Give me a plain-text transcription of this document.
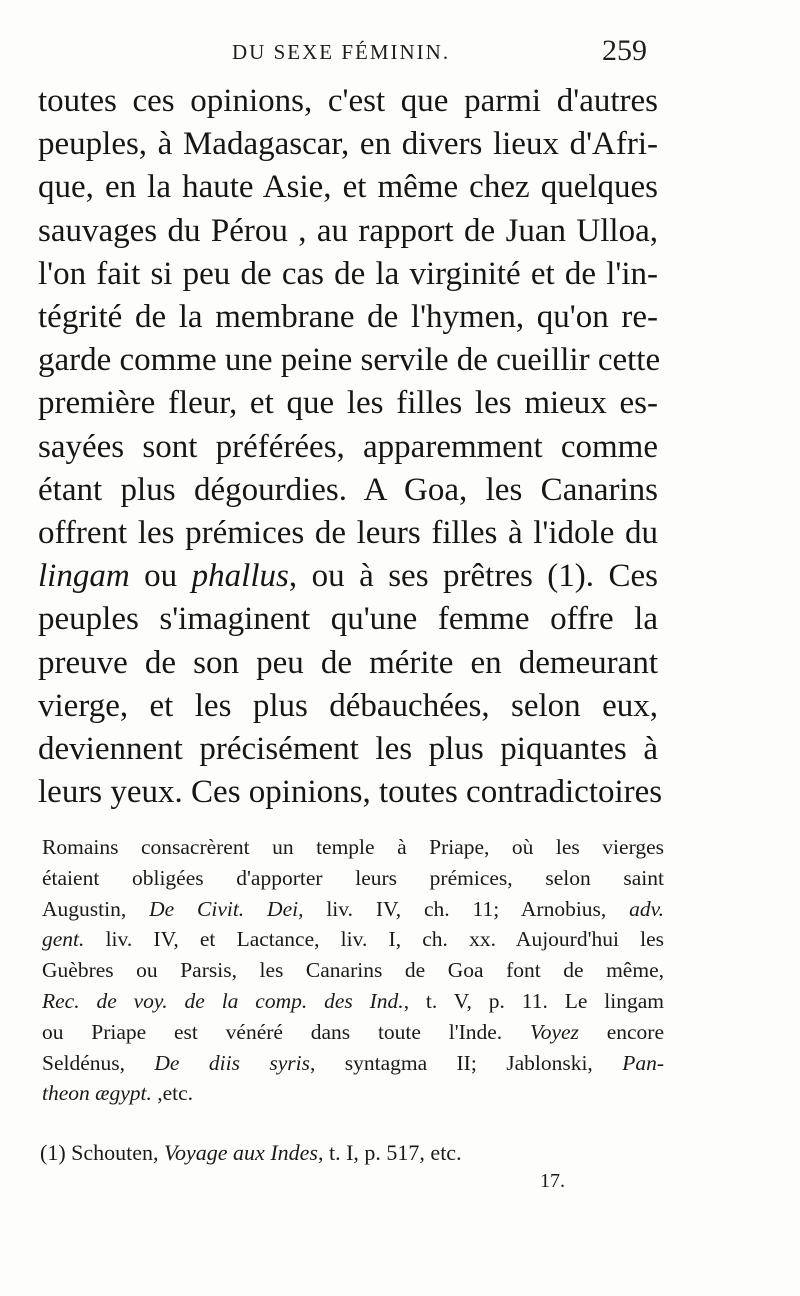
DU SEXE FÉMININ.	259
toutes ces opinions, c'est que parmi d'autres
peuples, à Madagascar, en divers lieux d'Afri-
que, en la haute Asie, et même chez quelques
sauvages du Pérou , au rapport de Juan Ulloa,
l'on fait si peu de cas de la virginité et de l'in-
tégrité de la membrane de l'hymen, qu'on re-
garde comme une peine servile de cueillir cette
première fleur, et que les filles les mieux es-
sayées sont préférées, apparemment comme
étant plus dégourdies. A Goa, les Canarins
offrent les prémices de leurs filles à l'idole du
lingam ou phallus, ou à ses prêtres (1). Ces
peuples s'imaginent qu'une femme offre la
preuve de son peu de mérite en demeurant
vierge, et les plus débauchées, selon eux,
deviennent précisément les plus piquantes à
leurs yeux. Ces opinions, toutes contradictoires
Romains consacrèrent un temple à Priape, où les vierges
étaient obligées d'apporter leurs prémices, selon saint
Augustin, De Civit. Dei, liv. IV, ch. 11; Arnobius, adv.
gent. liv. IV, et Lactance, liv. I, ch. xx. Aujourd'hui les
Guèbres ou Parsis, les Canarins de Goa font de même,
Rec. de voy. de la comp. des Ind., t. V, p. 11. Le lingam
ou Priape est vénéré dans toute l'Inde. Voyez encore
Seldénus, De diis syris, syntagma II; Jablonski, Pan-
theon ægypt. ,etc.
(1) Schouten, Voyage aux Indes, t. I, p. 517, etc.
17.
